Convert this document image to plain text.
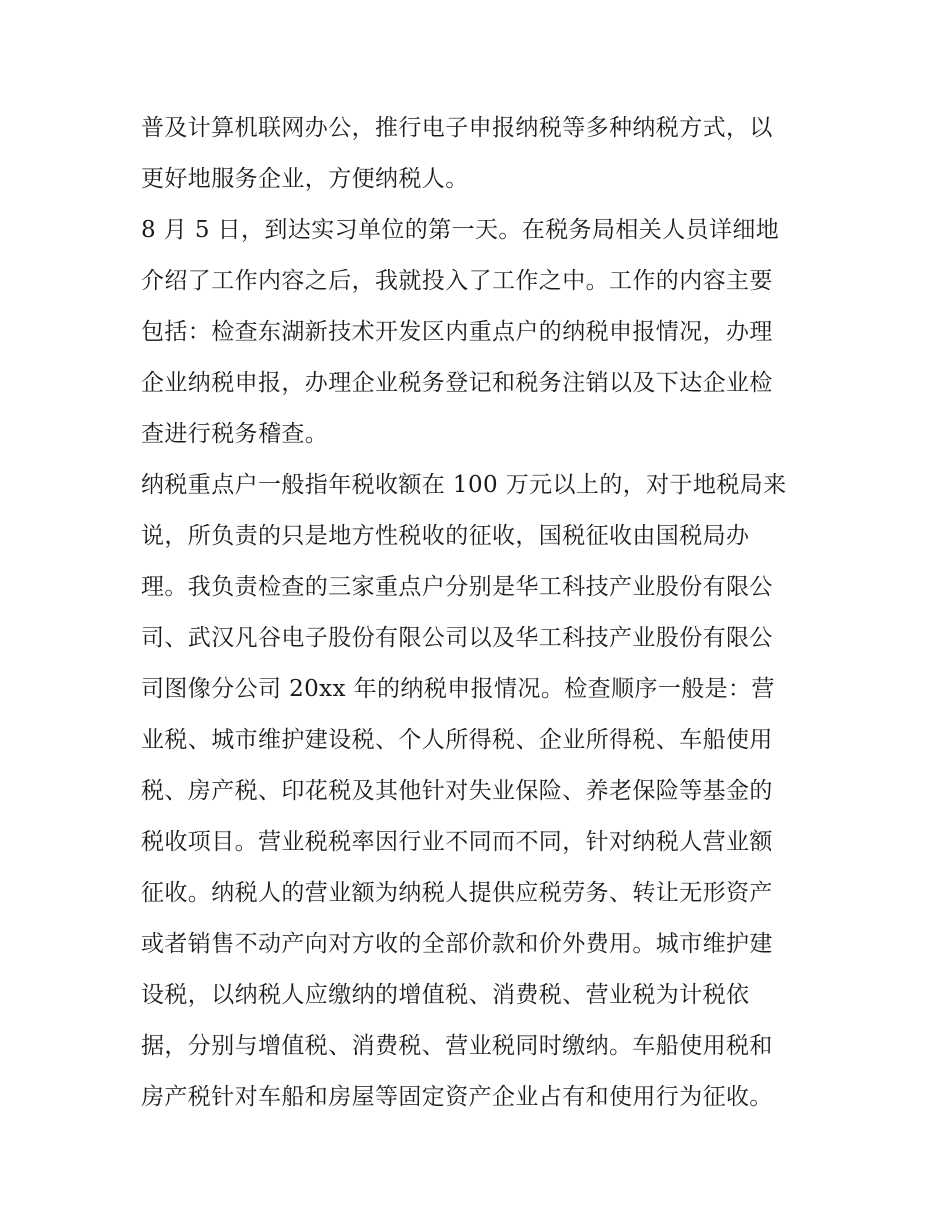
普及计算机联网办公，推行电子申报纳税等多种纳税方式，以
更好地服务企业，方便纳税人。
8 月 5 日，到达实习单位的第一天。在税务局相关人员详细地
介绍了工作内容之后，我就投入了工作之中。工作的内容主要
包括：检查东湖新技术开发区内重点户的纳税申报情况，办理
企业纳税申报，办理企业税务登记和税务注销以及下达企业检
查进行税务稽查。
纳税重点户一般指年税收额在 100 万元以上的，对于地税局来
说，所负责的只是地方性税收的征收，国税征收由国税局办
理。我负责检查的三家重点户分别是华工科技产业股份有限公
司、武汉凡谷电子股份有限公司以及华工科技产业股份有限公
司图像分公司 20xx 年的纳税申报情况。检查顺序一般是：营
业税、城市维护建设税、个人所得税、企业所得税、车船使用
税、房产税、印花税及其他针对失业保险、养老保险等基金的
税收项目。营业税税率因行业不同而不同，针对纳税人营业额
征收。纳税人的营业额为纳税人提供应税劳务、转让无形资产
或者销售不动产向对方收的全部价款和价外费用。城市维护建
设税，以纳税人应缴纳的增值税、消费税、营业税为计税依
据，分别与增值税、消费税、营业税同时缴纳。车船使用税和
房产税针对车船和房屋等固定资产企业占有和使用行为征收。
